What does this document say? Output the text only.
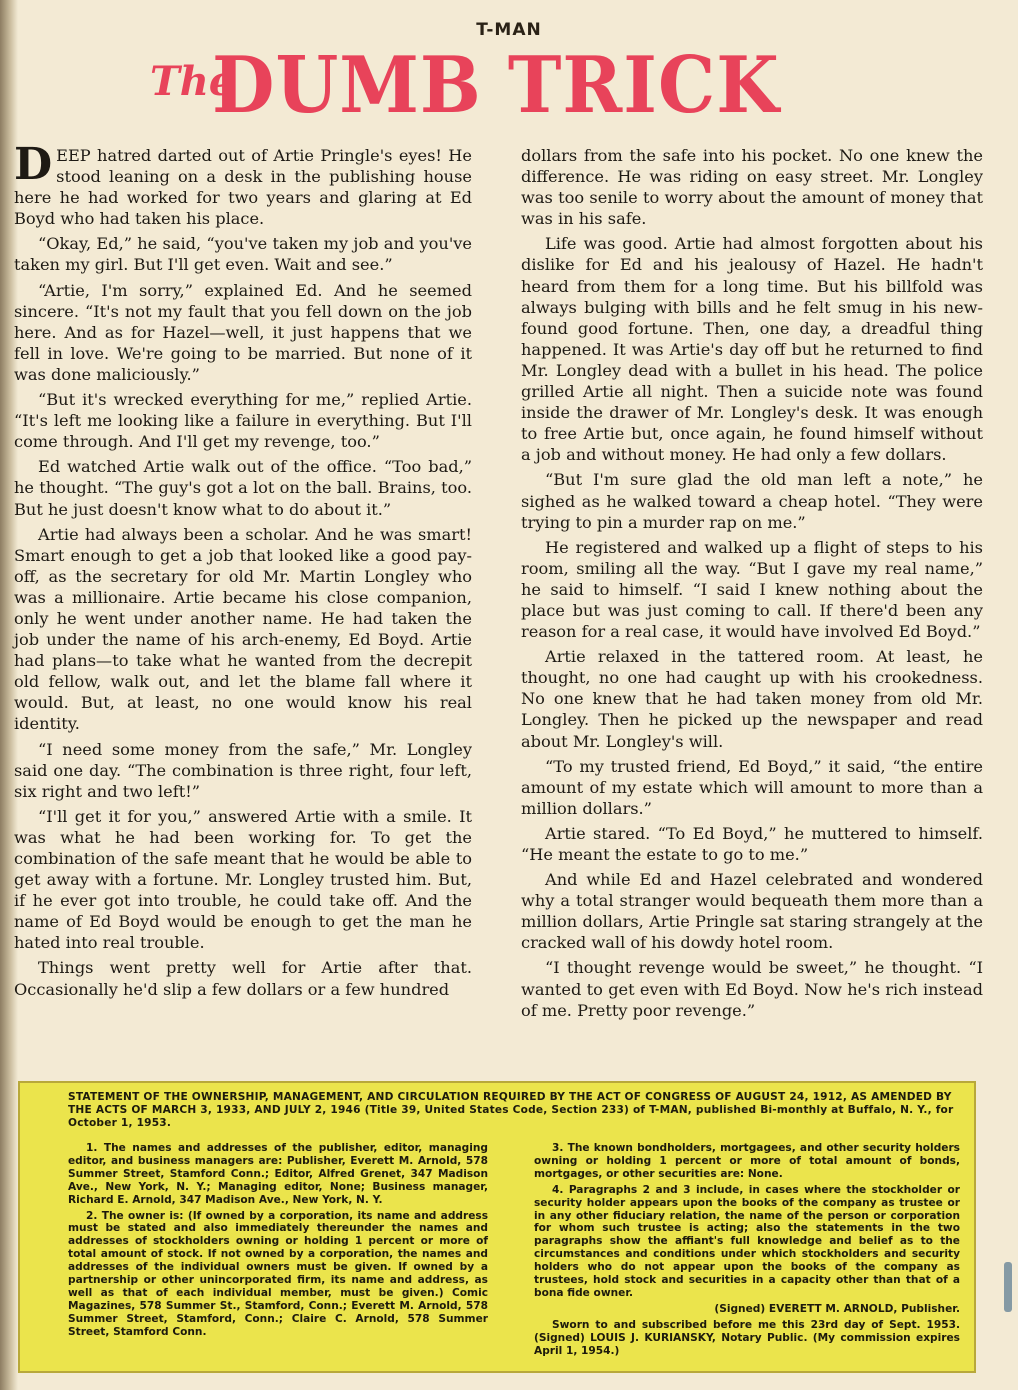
T-MAN
The
DUMB TRICK

DEEP hatred darted out of Artie Pringle's eyes! He stood leaning on a desk in the publishing house here he had worked for two years and glaring at Ed Boyd who had taken his place.

“Okay, Ed,” he said, “you've taken my job and you've taken my girl. But I'll get even. Wait and see.”

“Artie, I'm sorry,” explained Ed. And he seemed sincere. “It's not my fault that you fell down on the job here. And as for Hazel—well, it just happens that we fell in love. We're going to be married. But none of it was done maliciously.”

“But it's wrecked everything for me,” replied Artie. “It's left me looking like a failure in everything. But I'll come through. And I'll get my revenge, too.”

Ed watched Artie walk out of the office. “Too bad,” he thought. “The guy's got a lot on the ball. Brains, too. But he just doesn't know what to do about it.”

Artie had always been a scholar. And he was smart! Smart enough to get a job that looked like a good pay-off, as the secretary for old Mr. Martin Longley who was a millionaire. Artie became his close companion, only he went under another name. He had taken the job under the name of his arch-enemy, Ed Boyd. Artie had plans—to take what he wanted from the decrepit old fellow, walk out, and let the blame fall where it would. But, at least, no one would know his real identity.

“I need some money from the safe,” Mr. Longley said one day. “The combination is three right, four left, six right and two left!”

“I'll get it for you,” answered Artie with a smile. It was what he had been working for. To get the combination of the safe meant that he would be able to get away with a fortune. Mr. Longley trusted him. But, if he ever got into trouble, he could take off. And the name of Ed Boyd would be enough to get the man he hated into real trouble.

Things went pretty well for Artie after that. Occasionally he'd slip a few dollars or a few hundred

dollars from the safe into his pocket. No one knew the difference. He was riding on easy street. Mr. Longley was too senile to worry about the amount of money that was in his safe.

Life was good. Artie had almost forgotten about his dislike for Ed and his jealousy of Hazel. He hadn't heard from them for a long time. But his billfold was always bulging with bills and he felt smug in his new-found good fortune. Then, one day, a dreadful thing happened. It was Artie's day off but he returned to find Mr. Longley dead with a bullet in his head. The police grilled Artie all night. Then a suicide note was found inside the drawer of Mr. Longley's desk. It was enough to free Artie but, once again, he found himself without a job and without money. He had only a few dollars.

“But I'm sure glad the old man left a note,” he sighed as he walked toward a cheap hotel. “They were trying to pin a murder rap on me.”

He registered and walked up a flight of steps to his room, smiling all the way. “But I gave my real name,” he said to himself. “I said I knew nothing about the place but was just coming to call. If there'd been any reason for a real case, it would have involved Ed Boyd.”

Artie relaxed in the tattered room. At least, he thought, no one had caught up with his crookedness. No one knew that he had taken money from old Mr. Longley. Then he picked up the newspaper and read about Mr. Longley's will.

“To my trusted friend, Ed Boyd,” it said, “the entire amount of my estate which will amount to more than a million dollars.”

Artie stared. “To Ed Boyd,” he muttered to himself. “He meant the estate to go to me.”

And while Ed and Hazel celebrated and wondered why a total stranger would bequeath them more than a million dollars, Artie Pringle sat staring strangely at the cracked wall of his dowdy hotel room.

“I thought revenge would be sweet,” he thought. “I wanted to get even with Ed Boyd. Now he's rich instead of me. Pretty poor revenge.”

STATEMENT OF THE OWNERSHIP, MANAGEMENT, AND CIRCULATION REQUIRED BY THE ACT OF CONGRESS OF AUGUST 24, 1912, AS AMENDED BY THE ACTS OF MARCH 3, 1933, AND JULY 2, 1946 (Title 39, United States Code, Section 233) of T-MAN, published Bi-monthly at Buffalo, N. Y., for October 1, 1953.

1. The names and addresses of the publisher, editor, managing editor, and business managers are: Publisher, Everett M. Arnold, 578 Summer Street, Stamford Conn.; Editor, Alfred Grenet, 347 Madison Ave., New York, N. Y.; Managing editor, None; Business manager, Richard E. Arnold, 347 Madison Ave., New York, N. Y.

2. The owner is: (If owned by a corporation, its name and address must be stated and also immediately thereunder the names and addresses of stockholders owning or holding 1 percent or more of total amount of stock. If not owned by a corporation, the names and addresses of the individual owners must be given. If owned by a partnership or other unincorporated firm, its name and address, as well as that of each individual member, must be given.) Comic Magazines, 578 Summer St., Stamford, Conn.; Everett M. Arnold, 578 Summer Street, Stamford, Conn.; Claire C. Arnold, 578 Summer Street, Stamford Conn.

3. The known bondholders, mortgagees, and other security holders owning or holding 1 percent or more of total amount of bonds, mortgages, or other securities are: None.

4. Paragraphs 2 and 3 include, in cases where the stockholder or security holder appears upon the books of the company as trustee or in any other fiduciary relation, the name of the person or corporation for whom such trustee is acting; also the statements in the two paragraphs show the affiant's full knowledge and belief as to the circumstances and conditions under which stockholders and security holders who do not appear upon the books of the company as trustees, hold stock and securities in a capacity other than that of a bona fide owner.

(Signed) EVERETT M. ARNOLD, Publisher.

Sworn to and subscribed before me this 23rd day of Sept. 1953. (Signed) LOUIS J. KURIANSKY, Notary Public. (My commission expires April 1, 1954.)
